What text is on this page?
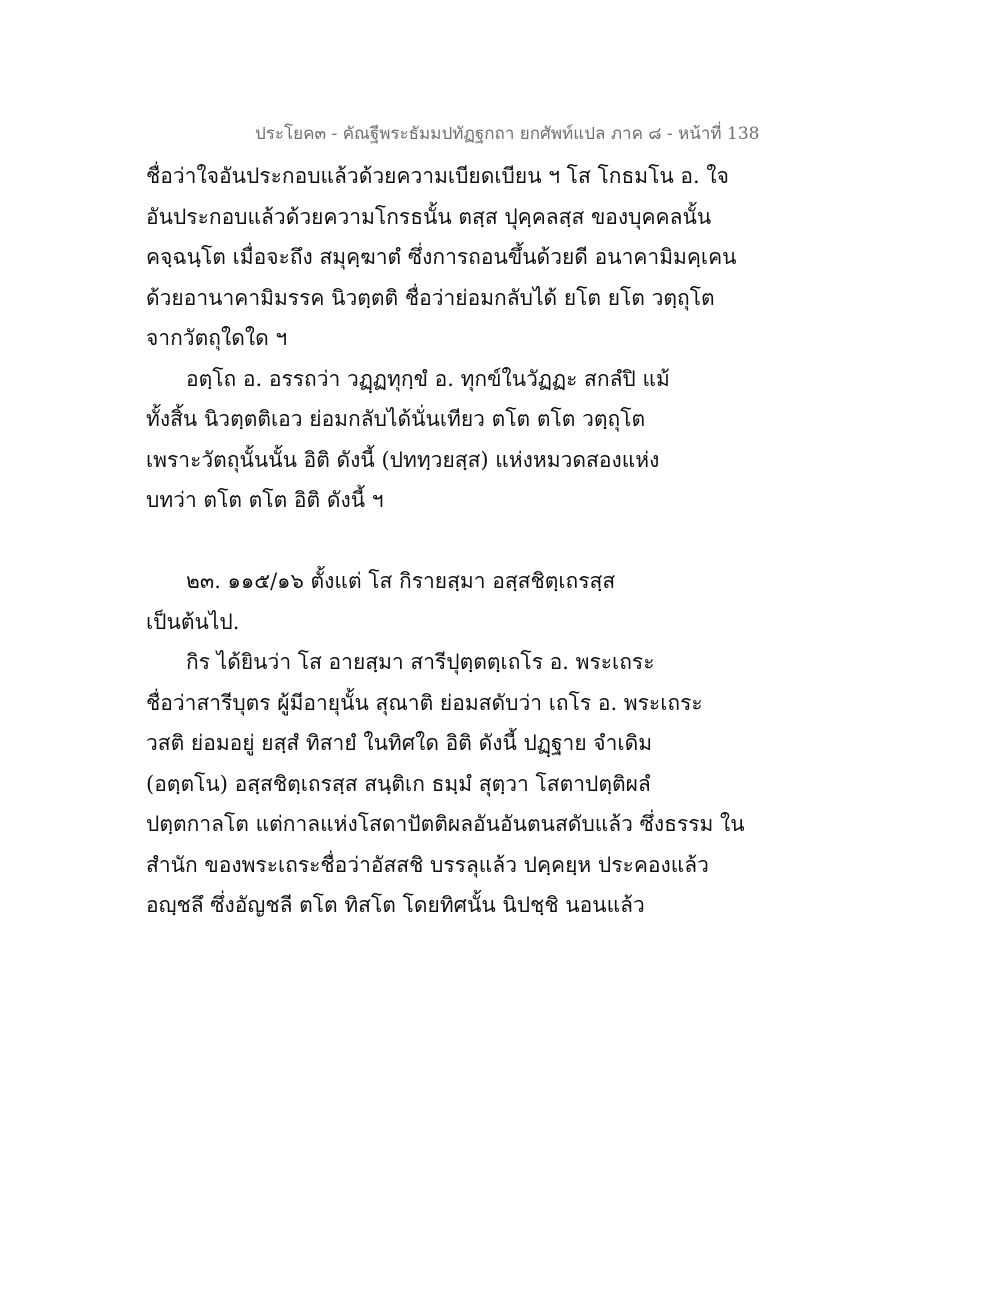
ประโยค๓ - คัณฐีพระธัมมปทัฏฐกถา ยกศัพท์แปล ภาค ๘ - หน้าที่ 138
ชื่อว่าใจอันประกอบแล้วด้วยความเบียดเบียน ฯ โส โกธมโน อ. ใจ
อันประกอบแล้วด้วยความโกรธนั้น ตสฺส ปุคฺคลสฺส ของบุคคลนั้น
คจฺฉนฺโต เมื่อจะถึง สมุคฺฆาตํ ซึ่งการถอนขึ้นด้วยดี อนาคามิมคฺเคน
ด้วยอานาคามิมรรค นิวตฺตติ ชื่อว่าย่อมกลับได้ ยโต ยโต วตฺถุโต
จากวัตถุใดใด ฯ
อตฺโถ อ. อรรถว่า วฏฺฏทุกฺขํ อ. ทุกข์ในวัฏฏะ สกลํปิ แม้
ทั้งสิ้น นิวตฺตติเอว ย่อมกลับได้นั่นเทียว ตโต ตโต วตฺถุโต
เพราะวัตถุนั้นนั้น อิติ ดังนี้ (ปททฺวยสฺส) แห่งหมวดสองแห่ง
บทว่า ตโต ตโต อิติ ดังนี้ ฯ
๒๓. ๑๑๕/๑๖ ตั้งแต่ โส กิรายสฺมา อสฺสชิตฺเถรสฺส
เป็นต้นไป.
กิร ได้ยินว่า โส อายสฺมา สารีปุตฺตตฺเถโร อ. พระเถระ
ชื่อว่าสารีบุตร ผู้มีอายุนั้น สุณาติ ย่อมสดับว่า เถโร อ. พระเถระ
วสติ ย่อมอยู่ ยสฺสํ ทิสายํ ในทิศใด อิติ ดังนี้ ปฏฺฐาย จำเดิม
(อตฺตโน) อสฺสชิตฺเถรสฺส สนฺติเก ธมฺมํ สุตฺวา โสตาปตฺติผลํ
ปตฺตกาลโต แต่กาลแห่งโสดาปัตติผลอันอันตนสดับแล้ว ซึ่งธรรม ใน
สำนัก ของพระเถระชื่อว่าอัสสชิ บรรลุแล้ว ปคฺคยฺห ประคองแล้ว
อญฺชลึ ซึ่งอัญชลี ตโต ทิสโต โดยทิศนั้น นิปชฺชิ นอนแล้ว
